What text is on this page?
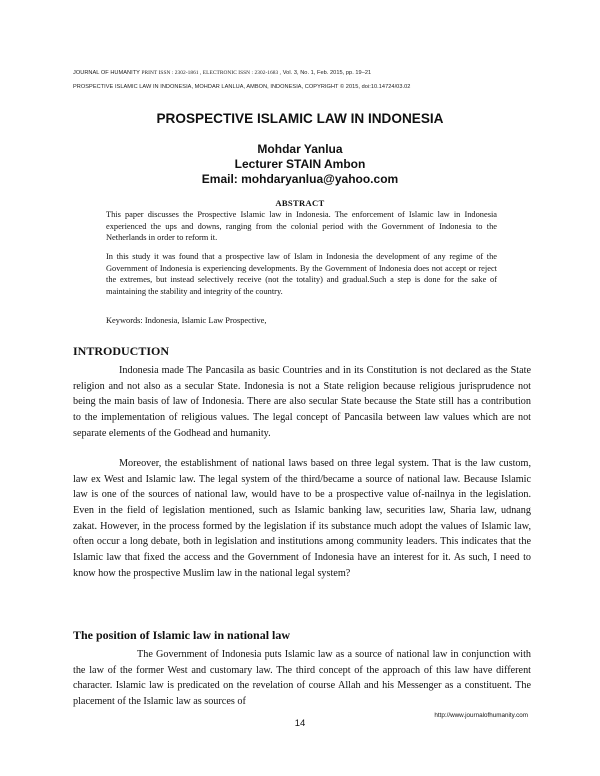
JOURNAL OF HUMANITY PRINT ISSN : 2302-1861 , ELECTRONIC ISSN : 2302-1683 , Vol. 3, No. 1, Feb. 2015, pp. 19–21
PROSPECTIVE ISLAMIC LAW IN INDONESIA, MOHDAR LANLUA, AMBON, INDONESIA, COPYRIGHT © 2015, doi:10.14724/03.02
PROSPECTIVE ISLAMIC LAW IN INDONESIA
Mohdar Yanlua
Lecturer STAIN Ambon
Email: mohdaryanlua@yahoo.com
ABSTRACT
This paper discusses the Prospective Islamic law in Indonesia. The enforcement of Islamic law in Indonesia experienced the ups and downs, ranging from the colonial period with the Government of Indonesia to the Netherlands in order to reform it.
In this study it was found that a prospective law of Islam in Indonesia the development of any regime of the Government of Indonesia is experiencing developments. By the Government of Indonesia does not accept or reject the extremes, but instead selectively receive (not the totality) and gradual.Such a step is done for the sake of maintaining the stability and integrity of the country.
Keywords: Indonesia, Islamic Law Prospective,
INTRODUCTION

Indonesia made The Pancasila as basic Countries and in its Constitution is not declared as the State religion and not also as a secular State. Indonesia is not a State religion because religious jurisprudence not being the main basis of law of Indonesia. There are also secular State because the State still has a contribution to the implementation of religious values. The legal concept of Pancasila between law values which are not separate elements of the Godhead and humanity.

Moreover, the establishment of national laws based on three legal system. That is the law custom, law ex West and Islamic law. The legal system of the third/became a source of national law. Because Islamic law is one of the sources of national law, would have to be a prospective value of-nailnya in the legislation. Even in the field of legislation mentioned, such as Islamic banking law, securities law, Sharia law, udnang zakat. However, in the process formed by the legislation if its substance much adopt the values of Islamic law, often occur a long debate, both in legislation and institutions among community leaders. This indicates that the Islamic law that fixed the access and the Government of Indonesia have an interest for it. As such, I need to know how the prospective Muslim law in the national legal system?

The position of Islamic law in national law

The Government of Indonesia puts Islamic law as a source of national law in conjunction with the law of the former West and customary law. The third concept of the approach of this law have different character. Islamic law is predicated on the revelation of course Allah and his Messenger as a constituent. The placement of the Islamic law as sources of

http://www.journalofhumanity.com
14
